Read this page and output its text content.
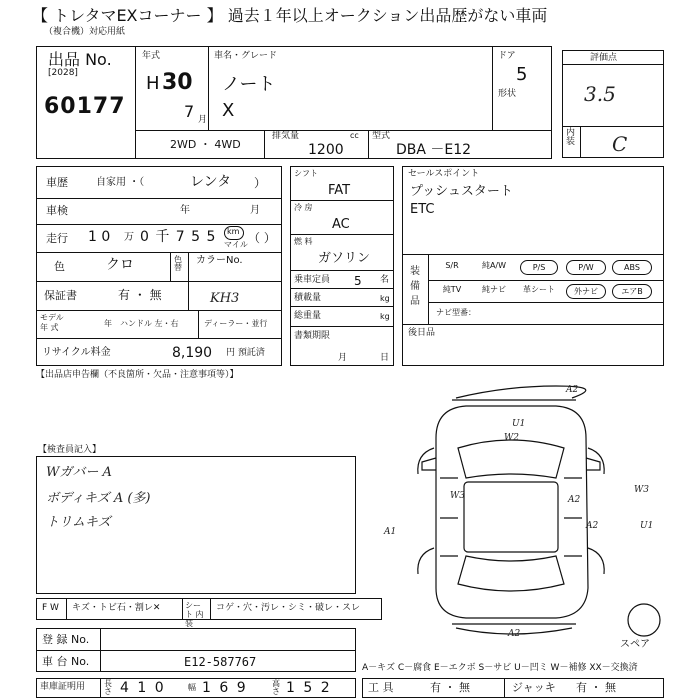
【 トレタマEXコーナー 】 過去１年以上オークション出品歴がない車両
（複合機）対応用紙
出品 No.
[2028]
60177
年式
H 30
7 月
車名・グレード
ノート
X
ドア
5
形状
2WD ・ 4WD
排気量	cc
1200
型式
DBA －E12
評価点
3.5
内装 C
車歴	自家用 ・（	レンタ ）
車検	年	月
走行 1 0 万 0 千 7 5 5 km
マイル （ ）
色	クロ	色替
カラーNo.
KH3
保証書	有 ・ 無
モデル
年 式	年 ハンドル 左・右	ディーラー・並行
リサイクル料金	8,190 円 預託済
シフト
FAT
冷 房
AC
燃 料
ガソリン
乗車定員 5 名
積載量	kg
総重量	kg
書類期限
月	日
セールスポイント
プッシュスタート
ETC
装備品
S/R	純A/W	P/S	P/W	ABS
純TV	純ナビ	革シート	外ナビ	エアB
ナビ型番：
後日品
【出品店申告欄（不良箇所・欠品・注意事項等）】
【検査員記入】
Wガバー A
ボディキズ A (多)
トリムキズ
F W キズ・トビ石・割レ✕	シート 内装
コゲ・穴・汚レ・シミ・破レ・スレ
登 録 No.
車 台 No.	E12-587767
車庫証明用 長さ 4 1 0	幅 1 6 9	高さ 1 5 2
A－キズ C－腐食 E－エクボ S－サビ U－凹ミ W－補修 XX－交換済
工 具	有 ・ 無	ジャッキ 有 ・ 無
A2
U1
W2
W3	A2
W3
A1
A2	U1
A2
スペア
